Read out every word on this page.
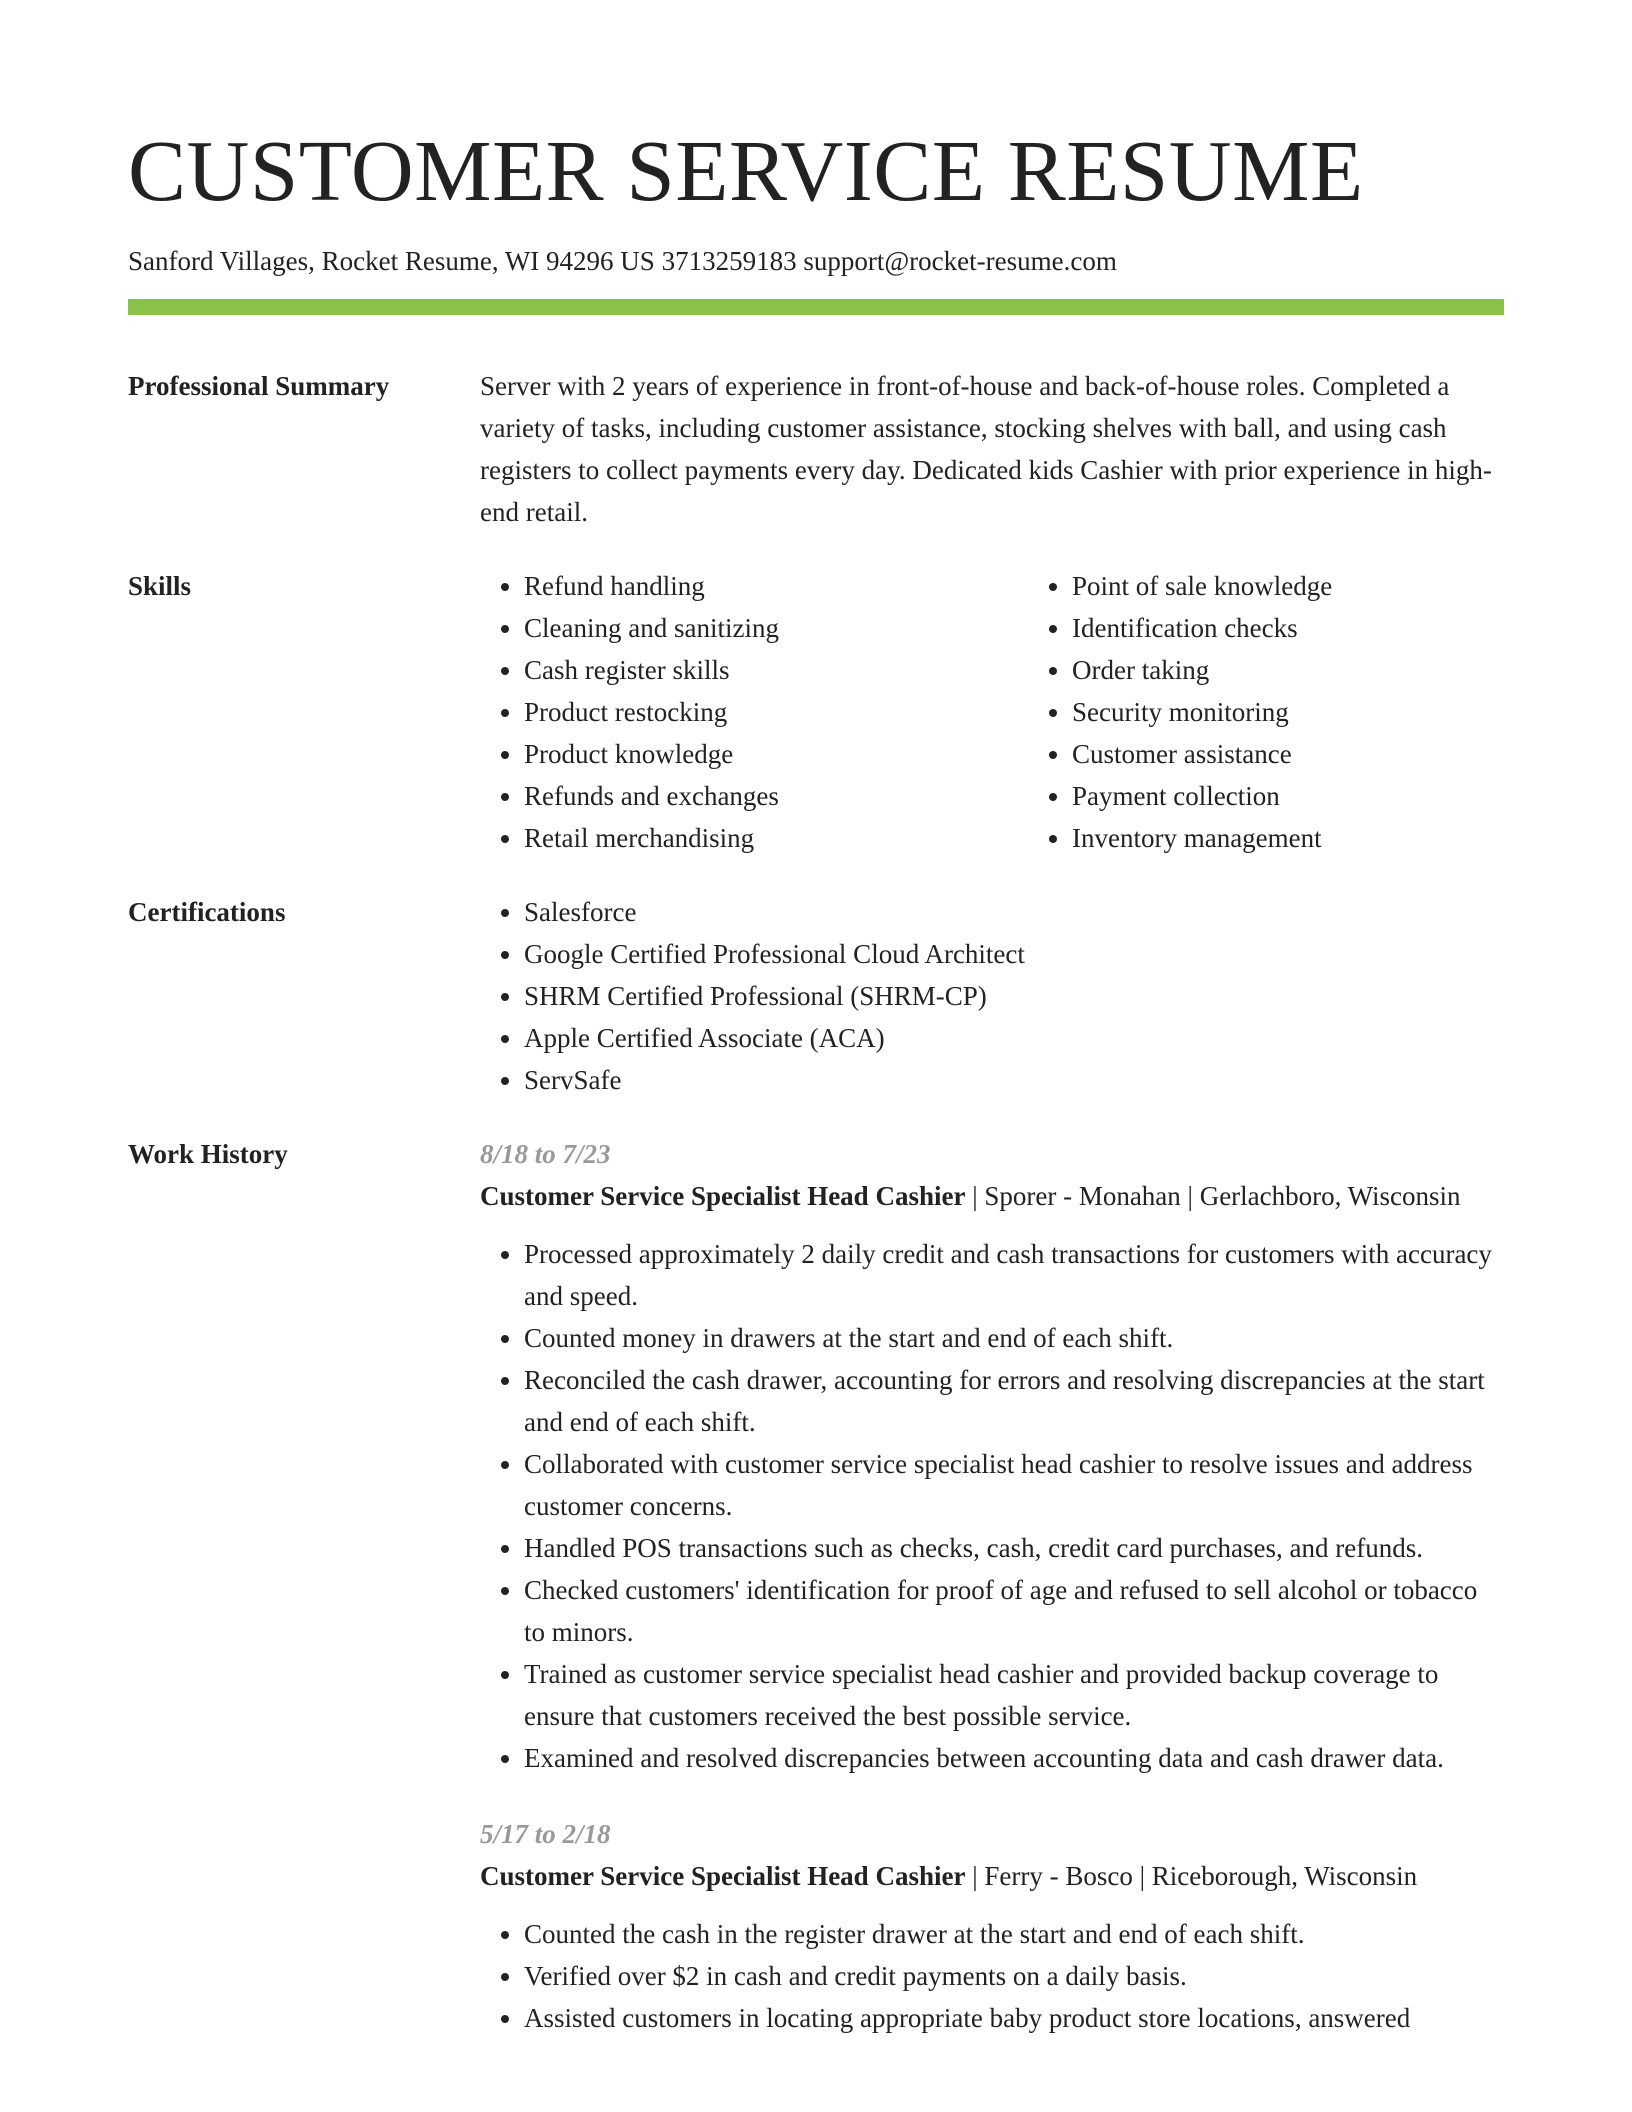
CUSTOMER SERVICE RESUME
Sanford Villages, Rocket Resume, WI 94296 US 3713259183 support@rocket-resume.com
Professional Summary	Server with 2 years of experience in front-of-house and back-of-house roles. Completed a variety of tasks, including customer assistance, stocking shelves with ball, and using cash registers to collect payments every day. Dedicated kids Cashier with prior experience in high-end retail.

Skills	• Refund handling
• Cleaning and sanitizing
• Cash register skills
• Product restocking
• Product knowledge
• Refunds and exchanges
• Retail merchandising
• Point of sale knowledge
• Identification checks
• Order taking
• Security monitoring
• Customer assistance
• Payment collection
• Inventory management
Certifications	• Salesforce
• Google Certified Professional Cloud Architect
• SHRM Certified Professional (SHRM-CP)
• Apple Certified Associate (ACA)
• ServSafe
Work History	8/18 to 7/23
Customer Service Specialist Head Cashier | Sporer - Monahan | Gerlachboro, Wisconsin
• Processed approximately 2 daily credit and cash transactions for customers with accuracy and speed.
• Counted money in drawers at the start and end of each shift.
• Reconciled the cash drawer, accounting for errors and resolving discrepancies at the start and end of each shift.
• Collaborated with customer service specialist head cashier to resolve issues and address customer concerns.
• Handled POS transactions such as checks, cash, credit card purchases, and refunds.
• Checked customers' identification for proof of age and refused to sell alcohol or tobacco to minors.
• Trained as customer service specialist head cashier and provided backup coverage to ensure that customers received the best possible service.
• Examined and resolved discrepancies between accounting data and cash drawer data.
5/17 to 2/18
Customer Service Specialist Head Cashier | Ferry - Bosco | Riceborough, Wisconsin
• Counted the cash in the register drawer at the start and end of each shift.
• Verified over $2 in cash and credit payments on a daily basis.
• Assisted customers in locating appropriate baby product store locations, answered
